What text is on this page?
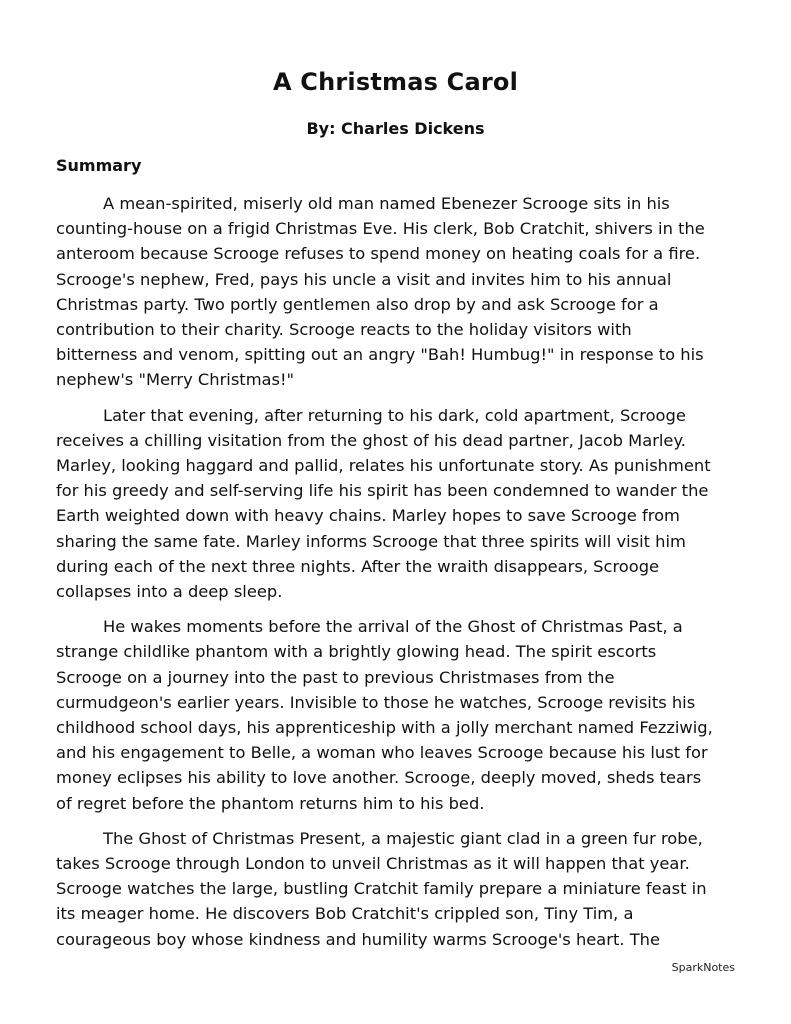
A Christmas Carol
By: Charles Dickens
Summary

A mean-spirited, miserly old man named Ebenezer Scrooge sits in his
counting-house on a frigid Christmas Eve. His clerk, Bob Cratchit, shivers in the
anteroom because Scrooge refuses to spend money on heating coals for a fire.
Scrooge's nephew, Fred, pays his uncle a visit and invites him to his annual
Christmas party. Two portly gentlemen also drop by and ask Scrooge for a
contribution to their charity. Scrooge reacts to the holiday visitors with
bitterness and venom, spitting out an angry "Bah! Humbug!" in response to his
nephew's "Merry Christmas!"

Later that evening, after returning to his dark, cold apartment, Scrooge
receives a chilling visitation from the ghost of his dead partner, Jacob Marley.
Marley, looking haggard and pallid, relates his unfortunate story. As punishment
for his greedy and self-serving life his spirit has been condemned to wander the
Earth weighted down with heavy chains. Marley hopes to save Scrooge from
sharing the same fate. Marley informs Scrooge that three spirits will visit him
during each of the next three nights. After the wraith disappears, Scrooge
collapses into a deep sleep.

He wakes moments before the arrival of the Ghost of Christmas Past, a
strange childlike phantom with a brightly glowing head. The spirit escorts
Scrooge on a journey into the past to previous Christmases from the
curmudgeon's earlier years. Invisible to those he watches, Scrooge revisits his
childhood school days, his apprenticeship with a jolly merchant named Fezziwig,
and his engagement to Belle, a woman who leaves Scrooge because his lust for
money eclipses his ability to love another. Scrooge, deeply moved, sheds tears
of regret before the phantom returns him to his bed.

The Ghost of Christmas Present, a majestic giant clad in a green fur robe,
takes Scrooge through London to unveil Christmas as it will happen that year.
Scrooge watches the large, bustling Cratchit family prepare a miniature feast in
its meager home. He discovers Bob Cratchit's crippled son, Tiny Tim, a
courageous boy whose kindness and humility warms Scrooge's heart. The

SparkNotes
